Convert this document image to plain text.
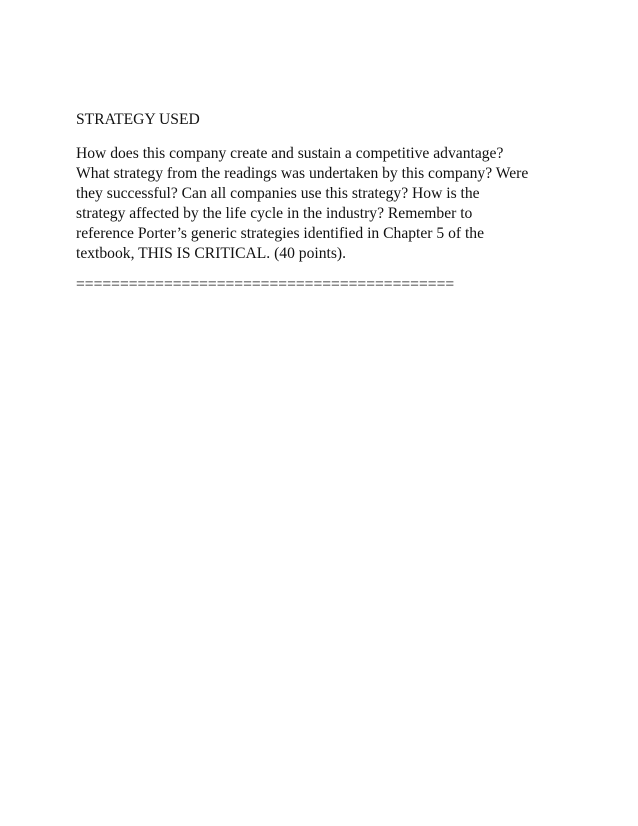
STRATEGY USED

How does this company create and sustain a competitive advantage?
What strategy from the readings was undertaken by this company? Were
they successful? Can all companies use this strategy? How is the
strategy affected by the life cycle in the industry? Remember to
reference Porter’s generic strategies identified in Chapter 5 of the
textbook, THIS IS CRITICAL. (40 points).
===========================================
